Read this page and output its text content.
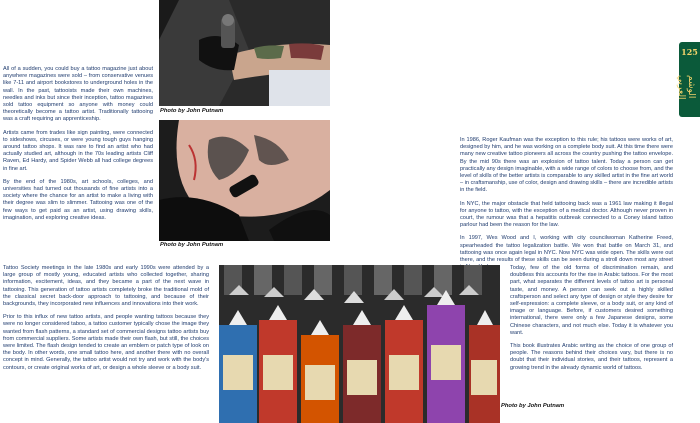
Photo by John Putnam
Photo by John Putnam

All of a sudden, you could buy a tattoo magazine just about anywhere magazines were sold – from conservative venues like 7-11 and airport bookstores to underground holes in the wall. In the past, tattooists made their own machines, needles and inks but since their inception, tattoo magazines sold tattoo equipment so anyone with money could theoretically become a tattoo artist. Traditionally tattooing was a craft requiring an apprenticeship.

Artists came from trades like sign painting, were connected to sideshows, circuses, or were young tough guys hanging around tattoo shops. It was rare to find an artist who had actually studied art, although in the 70s leading artists Cliff Raven, Ed Hardy, and Spider Webb all had college degrees in fine art.

By the end of the 1980s, art schools, colleges, and universities had turned out thousands of fine artists into a society where the chance for an artist to make a living with their degree was slim to slimmer. Tattooing was one of the few ways to get paid as an artist, using drawing skills, imagination, and exploring creative ideas.

Tattoo Society meetings in the late 1980s and early 1990s were attended by a large group of mostly young, educated artists who collected together, sharing information, excitement, ideas, and they became a part of the next wave in tattooing. This generation of tattoo artists completely broke the traditional mold of the classical secret back-door approach to tattooing, and because of their backgrounds, they incorporated new influences and innovations into their work.

Prior to this influx of new tattoo artists, and people wanting tattoos because they were no longer considered taboo, a tattoo customer typically chose the image they wanted from flash patterns, a standard set of commercial designs tattoo artists buy from commercial suppliers. Some artists made their own flash, but still, the choices were limited. The flash design tended to create an emblem or patch type of look on the body. In other words, one small tattoo here, and another there with no overall concept in mind. Generally, the tattoo artist would not try and work with the body's contours, or create original works of art, or design a whole sleeve or a body suit.

In 1986, Roger Kaufman was the exception to this rule; his tattoos were works of art, designed by him, and he was working on a complete body suit. At this time there were many new creative tattoo pioneers all across the country pushing the tattoo envelope. By the mid 90s there was an explosion of tattoo talent. Today a person can get practically any design imaginable, with a wide range of colors to choose from, and the level of skills of the better artists is comparable to any skilled artist in the fine art world – in craftsmanship, use of color, design and drawing skills – there are incredible artists in the field.

In NYC, the major obstacle that held tattooing back was a 1961 law making it illegal for anyone to tattoo, with the exception of a medical doctor. Although never proven in court, the rumour was that a hepatitis outbreak connected to a Coney island tattoo parlour had been the reason for the law.

In 1997, Wes Wood and I, working with city councilwoman Katherine Freed, spearheaded the tattoo legalization battle. We won that battle on March 31, and tattooing was once again legal in NYC. Now NYC was wide open. The skills were out there, and the results of these skills can be seen during a stroll down most any street

Today, few of the old forms of discrimination remain, and doubtless this accounts for the rise in Arabic tattoos. For the most part, what separates the different levels of tattoo art is personal taste, and money. A person can seek out a highly skilled craftsperson and select any type of design or style they desire for self-expression: a complete sleeve, or a body suit, or any kind of image or language. Before, if customers desired something international, there were only a few Japanese designs, some Chinese characters, and not much else. Today it is whatever you want.

This book illustrates Arabic writing as the choice of one group of people. The reasons behind their choices vary, but there is no doubt that their individual stories, and their tattoos, represent a growing trend in the already dynamic world of tattoos.

Photo by John Putnam
125
الوشم العربي
